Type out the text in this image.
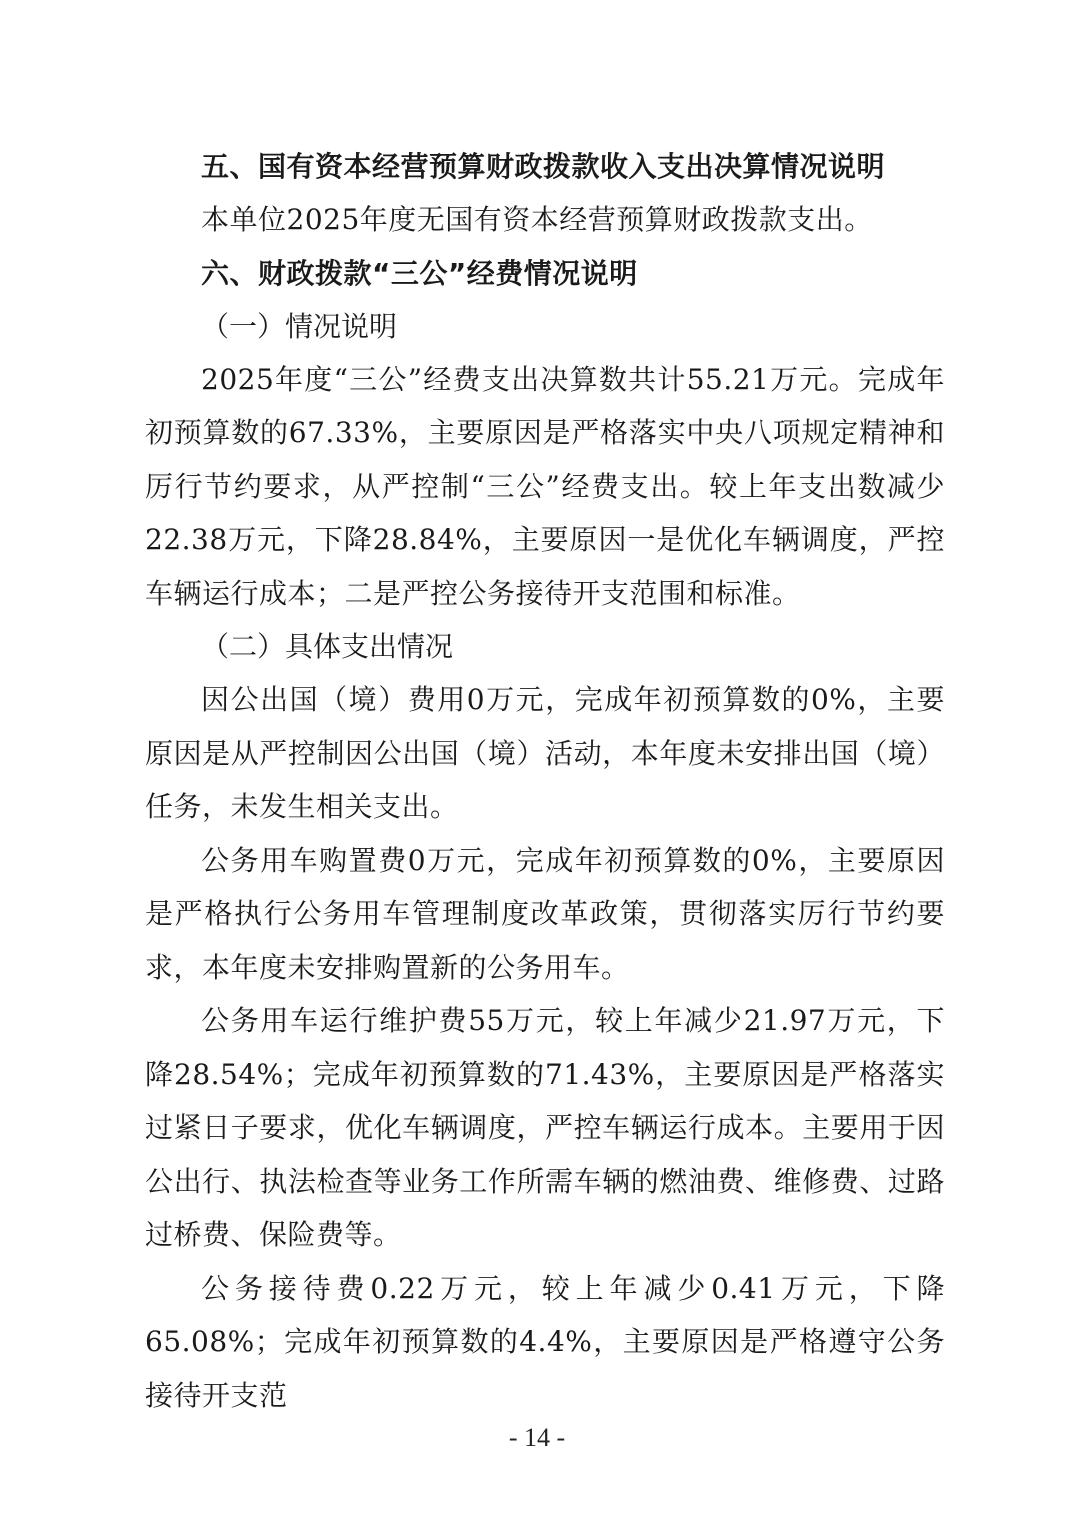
五、国有资本经营预算财政拨款收入支出决算情况说明

本单位2025年度无国有资本经营预算财政拨款支出。

六、财政拨款“三公”经费情况说明

（一）情况说明

2025年度“三公”经费支出决算数共计55.21万元。完成年初预算数的67.33%，主要原因是严格落实中央八项规定精神和厉行节约要求，从严控制“三公”经费支出。较上年支出数减少22.38万元，下降28.84%，主要原因一是优化车辆调度，严控车辆运行成本；二是严控公务接待开支范围和标准。

（二）具体支出情况

因公出国（境）费用0万元，完成年初预算数的0%，主要原因是从严控制因公出国（境）活动，本年度未安排出国（境）任务，未发生相关支出。

公务用车购置费0万元，完成年初预算数的0%，主要原因是严格执行公务用车管理制度改革政策，贯彻落实厉行节约要求，本年度未安排购置新的公务用车。

公务用车运行维护费55万元，较上年减少21.97万元，下降28.54%；完成年初预算数的71.43%，主要原因是严格落实过紧日子要求，优化车辆调度，严控车辆运行成本。主要用于因公出行、执法检查等业务工作所需车辆的燃油费、维修费、过路过桥费、保险费等。

公务接待费0.22万元，较上年减少0.41万元，下降65.08%；完成年初预算数的4.4%，主要原因是严格遵守公务接待开支范

- 14 -
